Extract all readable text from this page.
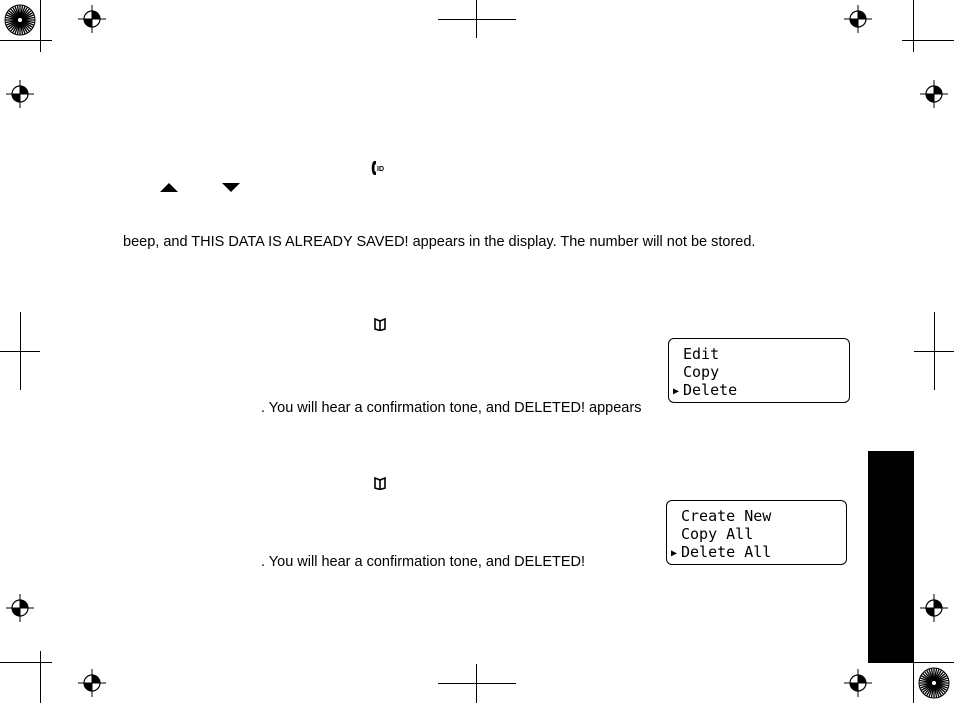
ID
beep, and THIS DATA IS ALREADY SAVED! appears in the display. The number will not be stored.
. You will hear a confirmation tone, and DELETED! appears
. You will hear a confirmation tone, and DELETED!
Edit
Copy
▶ Delete
Create New
Copy All
▶ Delete All
